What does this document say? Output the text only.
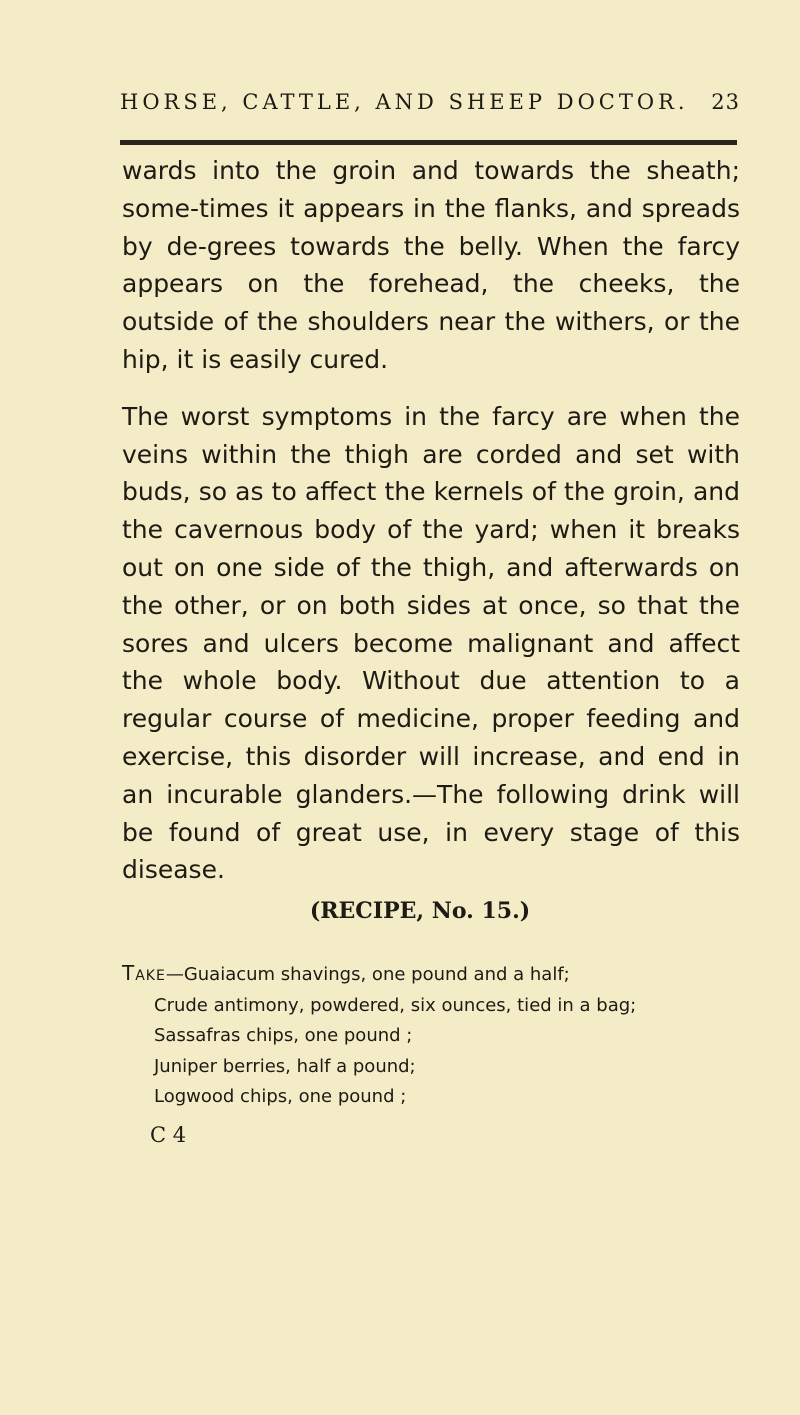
HORSE, CATTLE, AND SHEEP DOCTOR. 23

wards into the groin and towards the sheath; some-times it appears in the flanks, and spreads by de-grees towards the belly. When the farcy appears on the forehead, the cheeks, the outside of the shoulders near the withers, or the hip, it is easily cured.

The worst symptoms in the farcy are when the veins within the thigh are corded and set with buds, so as to affect the kernels of the groin, and the cavernous body of the yard; when it breaks out on one side of the thigh, and afterwards on the other, or on both sides at once, so that the sores and ulcers become malignant and affect the whole body. Without due attention to a regular course of medicine, proper feeding and exercise, this disorder will increase, and end in an incurable glanders.—The following drink will be found of great use, in every stage of this disease.

(RECIPE, No. 15.)
Take—Guaiacum shavings, one pound and a half;
Crude antimony, powdered, six ounces, tied in a bag;
Sassafras chips, one pound ;
Juniper berries, half a pound;
Logwood chips, one pound ;
C 4
